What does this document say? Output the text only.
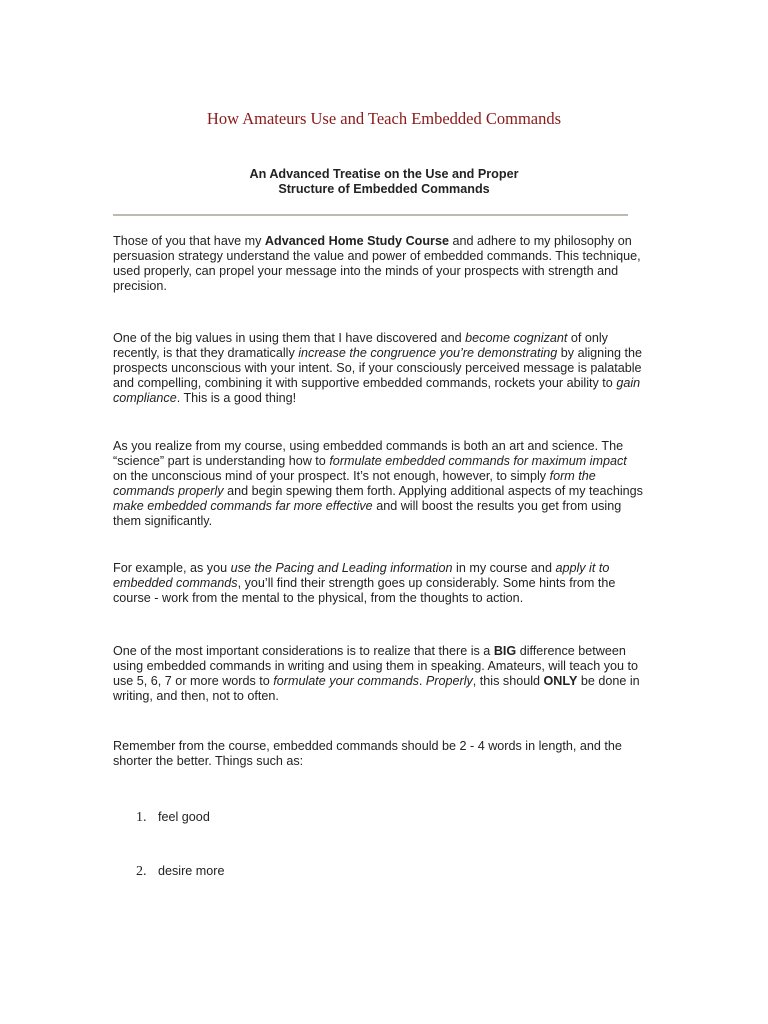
How Amateurs Use and Teach Embedded Commands
An Advanced Treatise on the Use and Proper
Structure of Embedded Commands

Those of you that have my Advanced Home Study Course and adhere to my philosophy on persuasion strategy understand the value and power of embedded commands. This technique, used properly, can propel your message into the minds of your prospects with strength and precision.

One of the big values in using them that I have discovered and become cognizant of only recently, is that they dramatically increase the congruence you’re demonstrating by aligning the prospects unconscious with your intent. So, if your consciously perceived message is palatable and compelling, combining it with supportive embedded commands, rockets your ability to gain compliance. This is a good thing!

As you realize from my course, using embedded commands is both an art and science. The “science” part is understanding how to formulate embedded commands for maximum impact on the unconscious mind of your prospect. It’s not enough, however, to simply form the commands properly and begin spewing them forth. Applying additional aspects of my teachings make embedded commands far more effective and will boost the results you get from using them significantly.

For example, as you use the Pacing and Leading information in my course and apply it to embedded commands, you’ll find their strength goes up considerably. Some hints from the course - work from the mental to the physical, from the thoughts to action.

One of the most important considerations is to realize that there is a BIG difference between using embedded commands in writing and using them in speaking. Amateurs, will teach you to use 5, 6, 7 or more words to formulate your commands. Properly, this should ONLY be done in writing, and then, not to often.

Remember from the course, embedded commands should be 2 - 4 words in length, and the shorter the better. Things such as:

1. feel good

2. desire more
